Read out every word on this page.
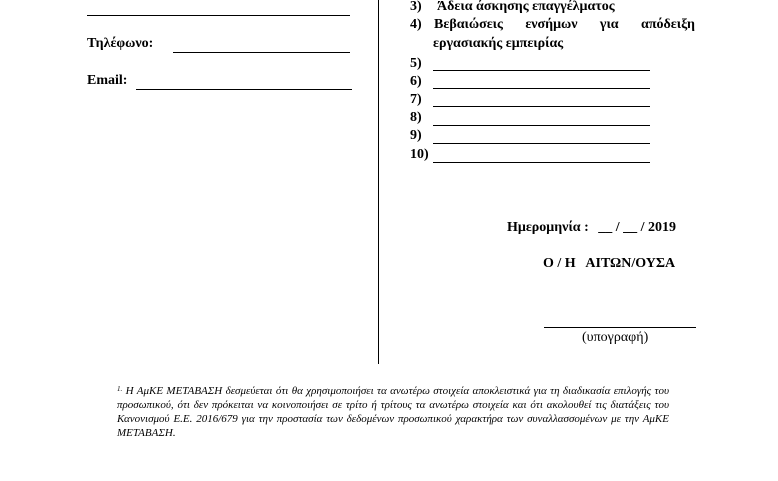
Τηλέφωνο:
Email:
3) Άδεια άσκησης επαγγέλματος
4) Βεβαιώσεις ενσήμων για απόδειξη
εργασιακής εμπειρίας
5)
6)
7)
8)
9)
10)
Ημερομηνία : __ / __ / 2019
Ο / Η   ΑΙΤΩΝ/ΟΥΣΑ
(υπογραφή)
$^{1.}$ Η ΑμΚΕ ΜΕΤΑΒΑΣΗ δεσμεύεται ότι θα χρησιμοποιήσει τα ανωτέρω στοιχεία αποκλειστικά για τη διαδικασία επιλογής του προσωπικού, ότι δεν πρόκειται να κοινοποιήσει σε τρίτο ή τρίτους τα ανωτέρω στοιχεία και ότι ακολουθεί τις διατάξεις του Κανονισμού Ε.Ε. 2016/679 για την προστασία των δεδομένων προσωπικού χαρακτήρα των συναλλασσομένων με την ΑμΚΕ ΜΕΤΑΒΑΣΗ.
